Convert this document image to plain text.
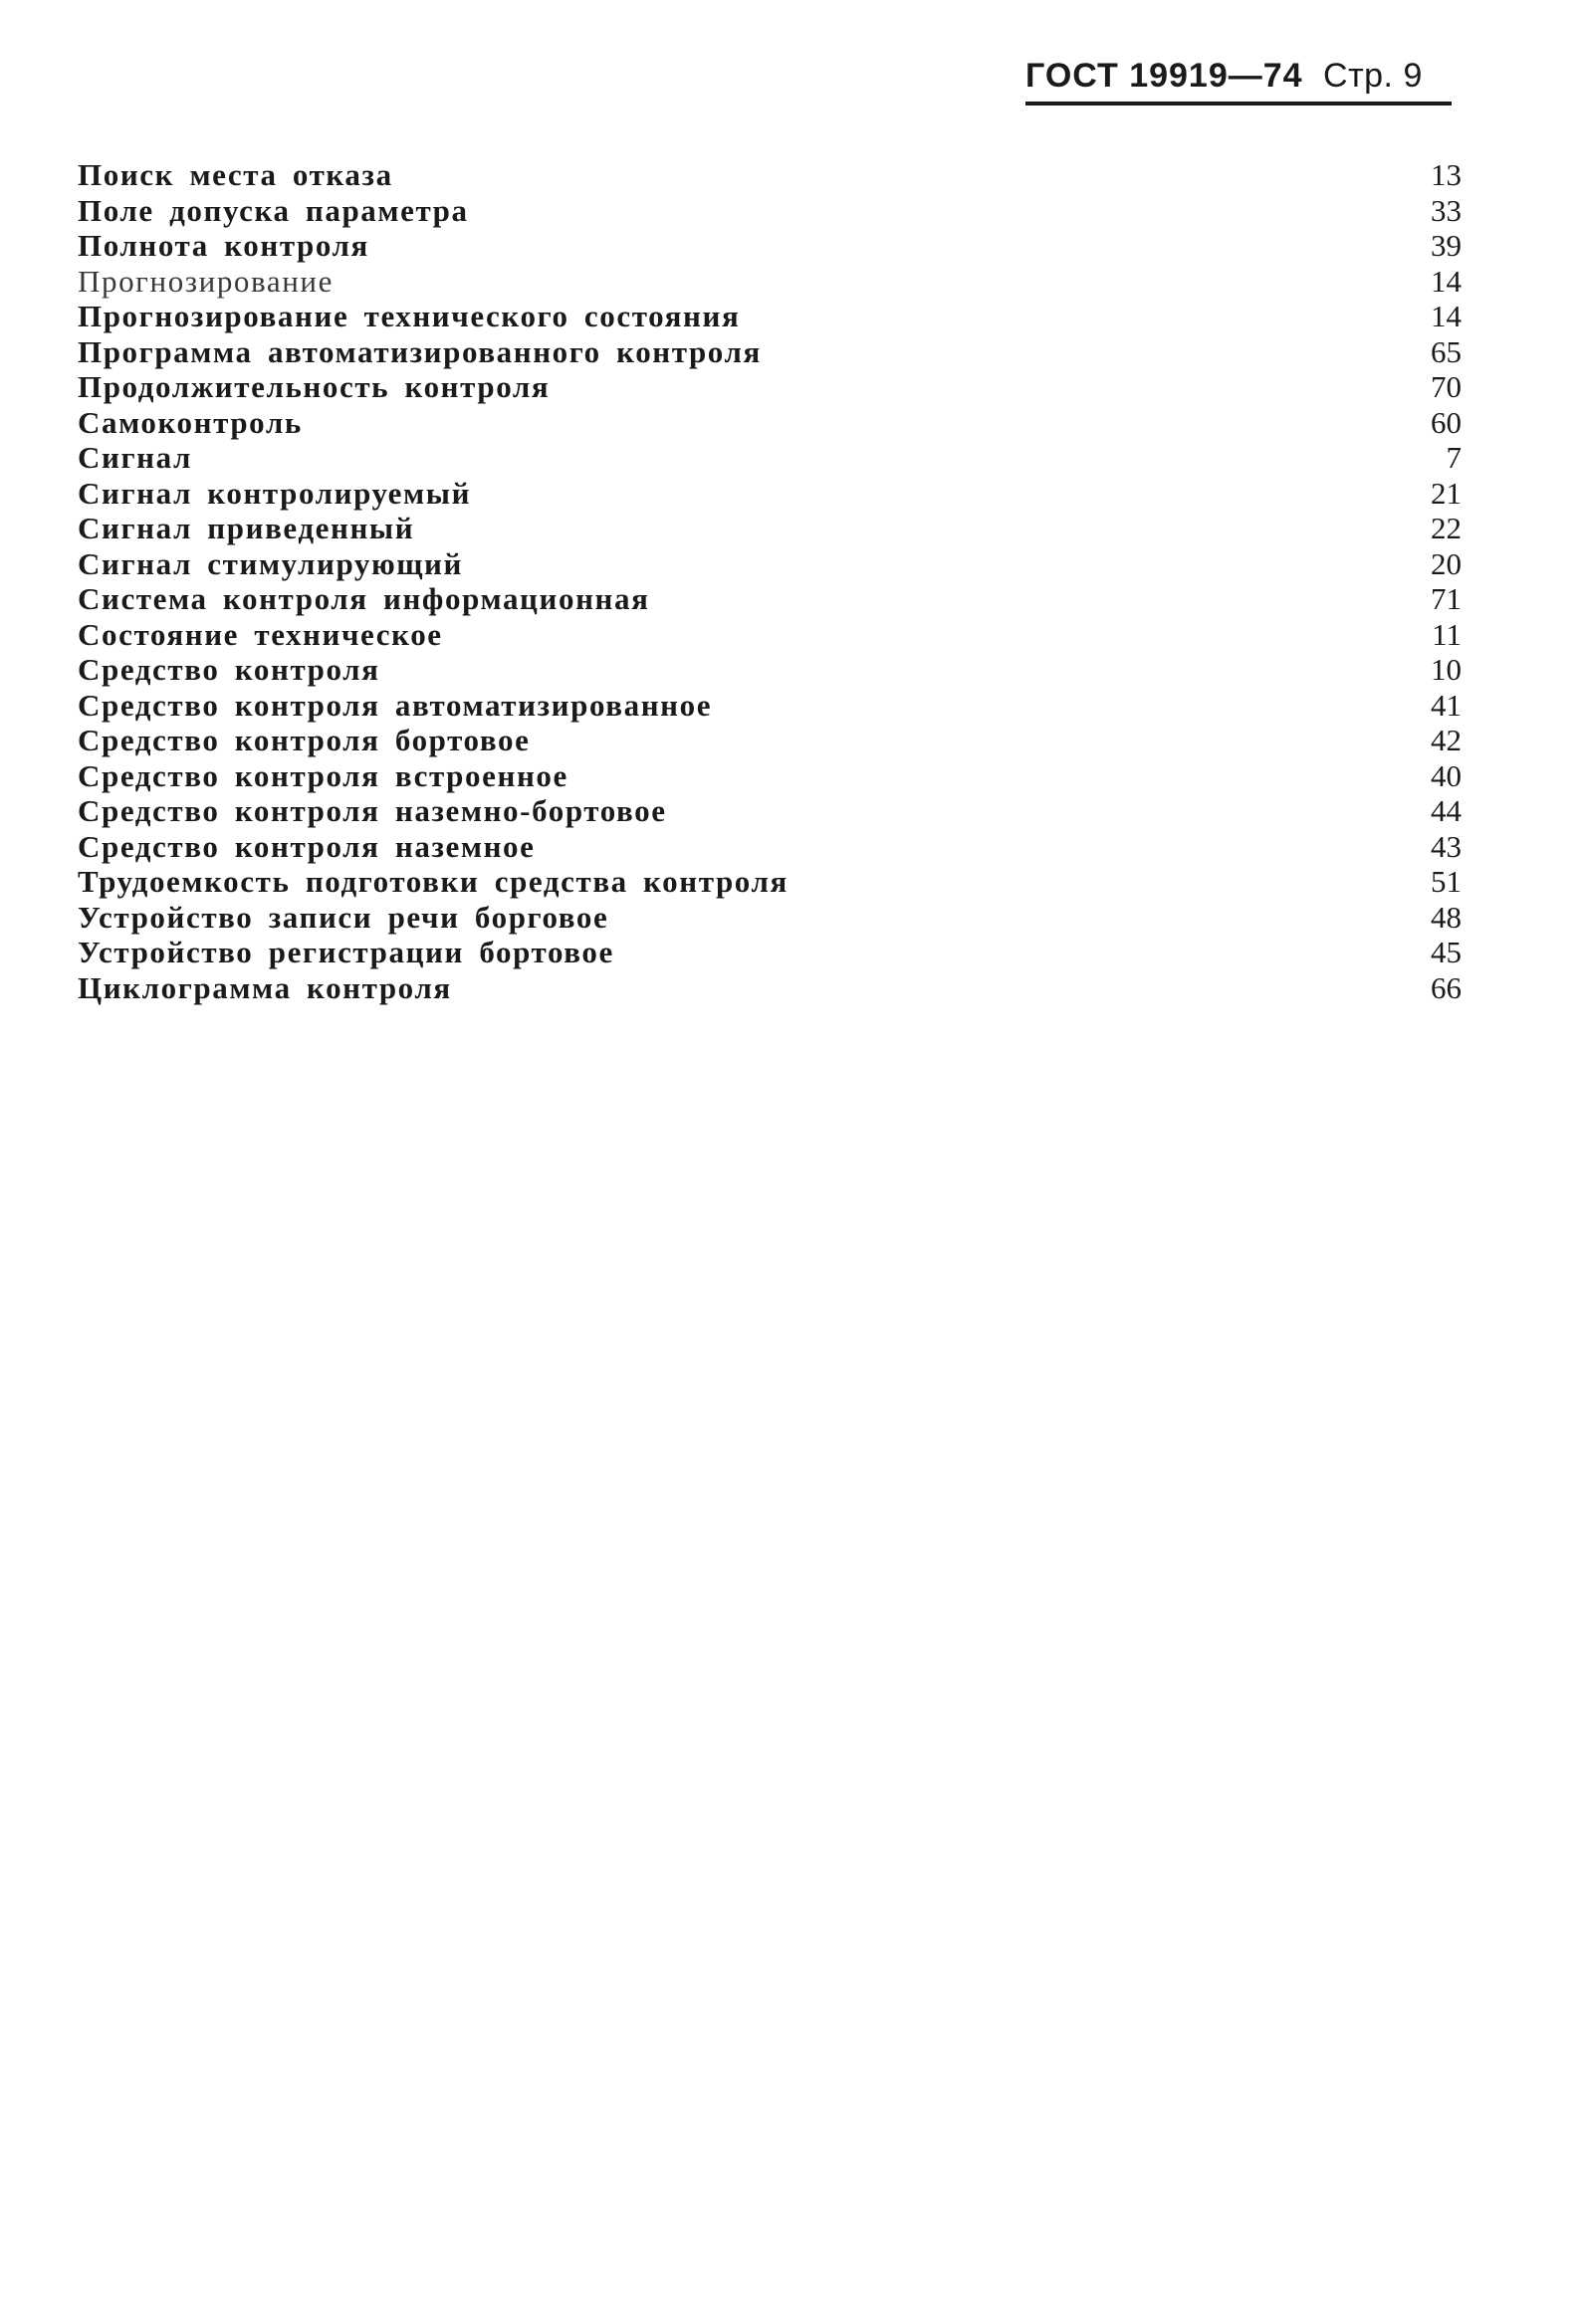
ГОСТ 19919—74 Стр. 9
Поиск места отказа	13
Поле допуска параметра	33
Полнота контроля	39
Прогнозирование	14
Прогнозирование технического состояния	14
Программа автоматизированного контроля	65
Продолжительность контроля	70
Самоконтроль	60
Сигнал	7
Сигнал контролируемый	21
Сигнал приведенный	22
Сигнал стимулирующий	20
Система контроля информационная	71
Состояние техническое	11
Средство контроля	10
Средство контроля автоматизированное	41
Средство контроля бортовое	42
Средство контроля встроенное	40
Средство контроля наземно-бортовое	44
Средство контроля наземное	43
Трудоемкость подготовки средства контроля	51
Устройство записи речи борговое	48
Устройство регистрации бортовое	45
Циклограмма контроля	66
